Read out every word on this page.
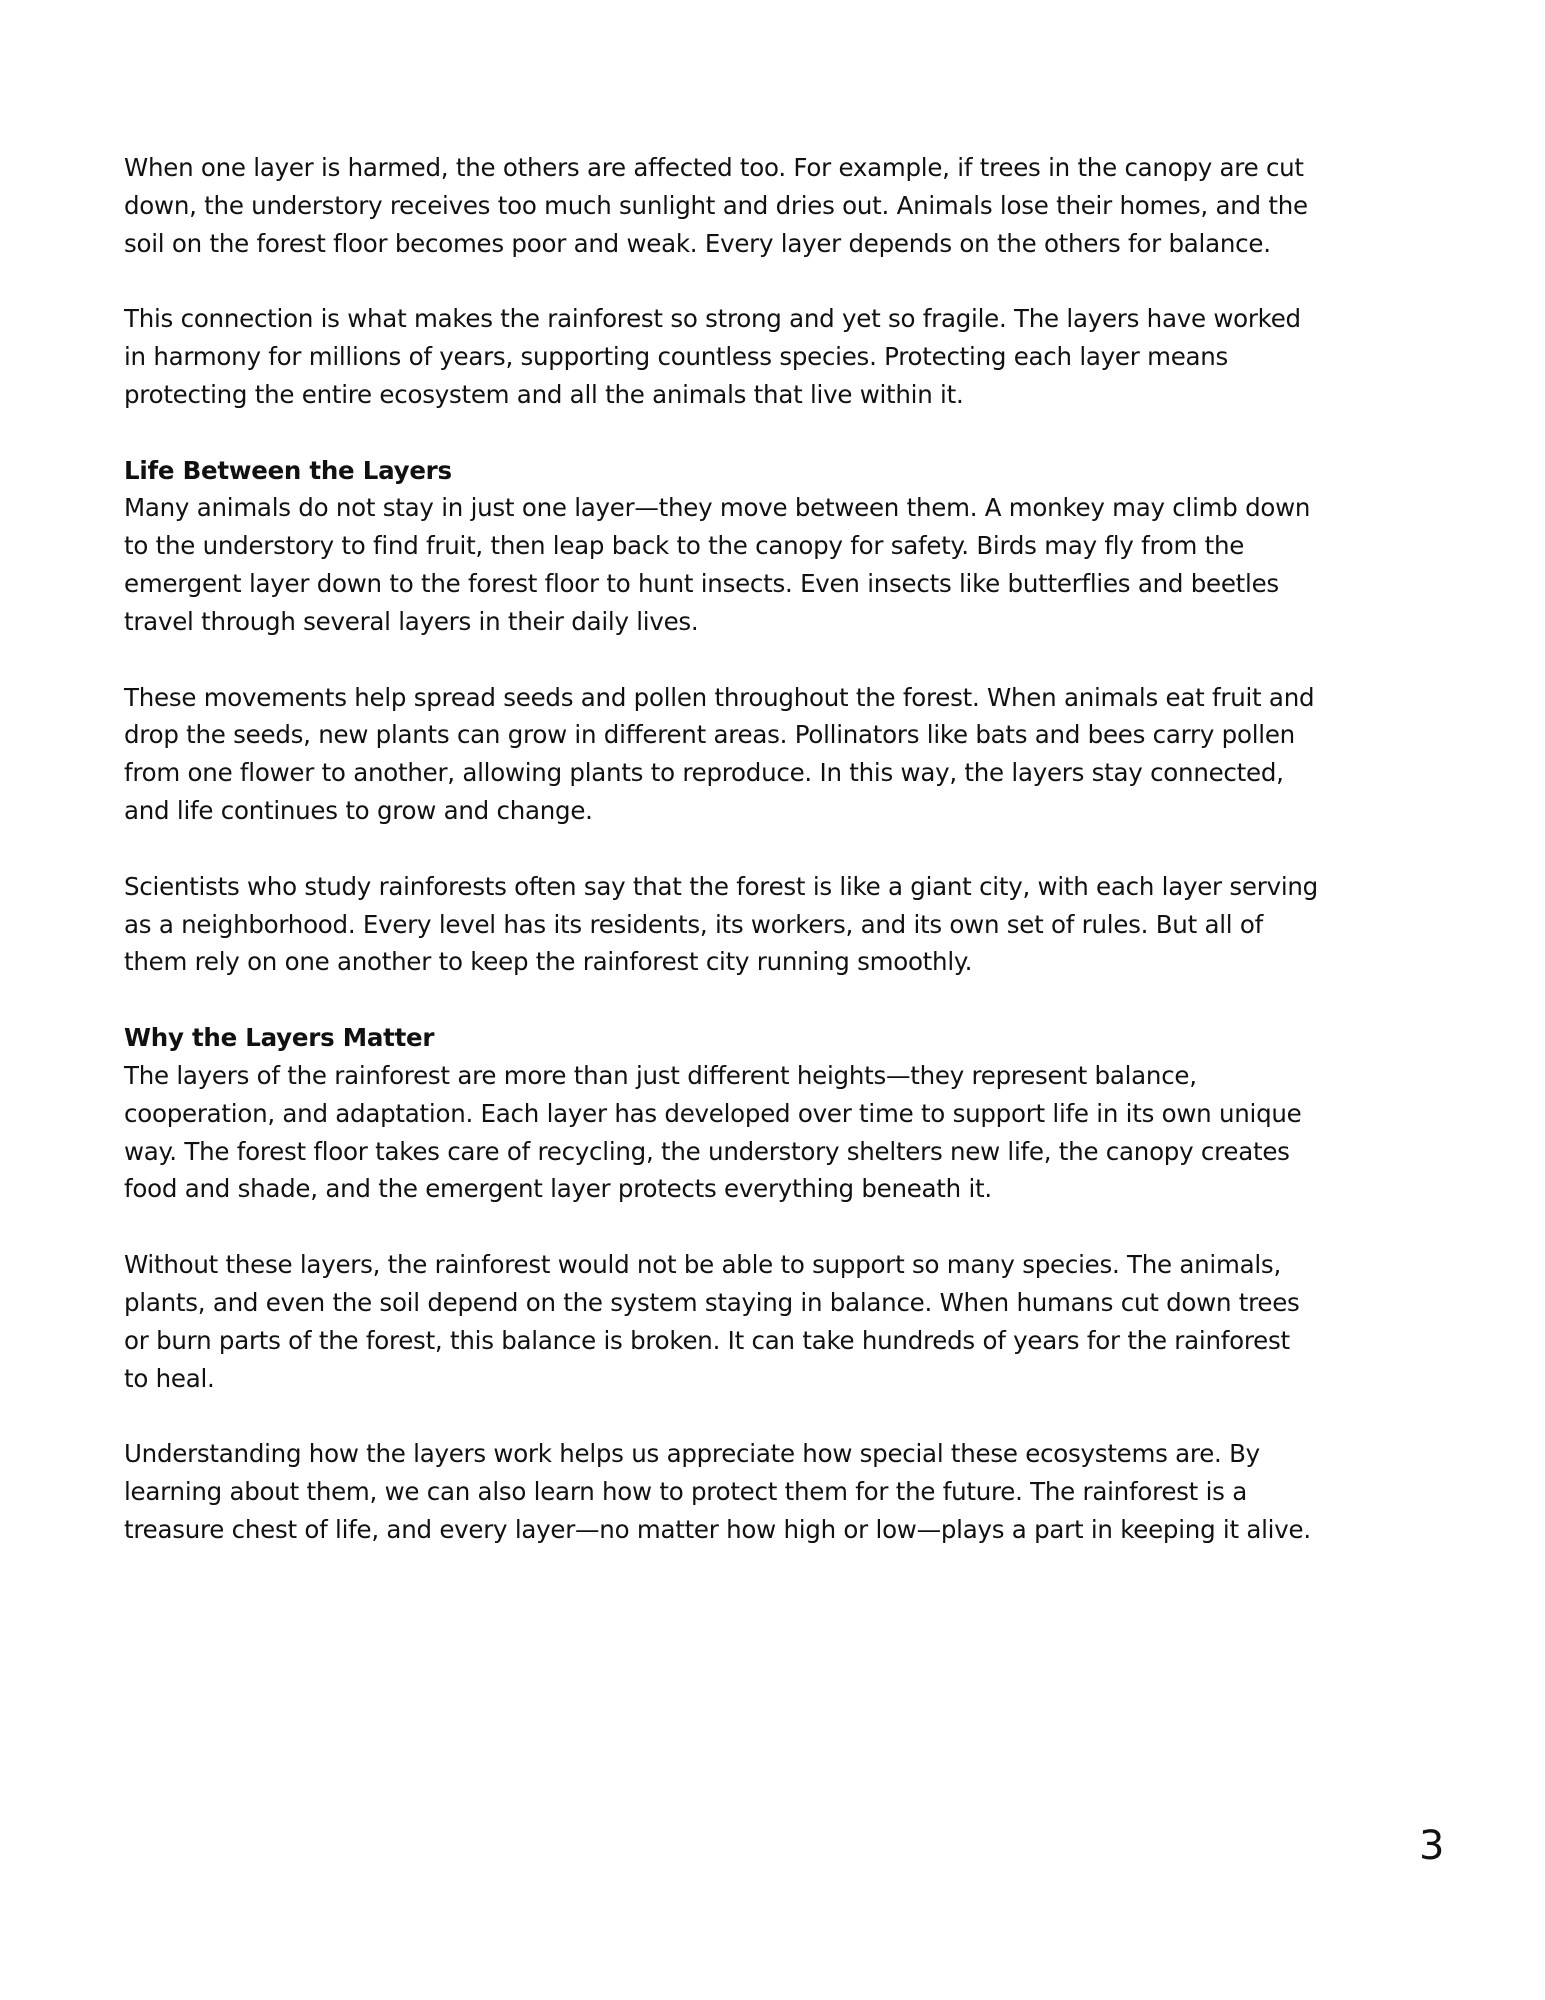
When one layer is harmed, the others are affected too. For example, if trees in the canopy are cut
down, the understory receives too much sunlight and dries out. Animals lose their homes, and the
soil on the forest floor becomes poor and weak. Every layer depends on the others for balance.
This connection is what makes the rainforest so strong and yet so fragile. The layers have worked
in harmony for millions of years, supporting countless species. Protecting each layer means
protecting the entire ecosystem and all the animals that live within it.
Life Between the Layers
Many animals do not stay in just one layer—they move between them. A monkey may climb down
to the understory to find fruit, then leap back to the canopy for safety. Birds may fly from the
emergent layer down to the forest floor to hunt insects. Even insects like butterflies and beetles
travel through several layers in their daily lives.
These movements help spread seeds and pollen throughout the forest. When animals eat fruit and
drop the seeds, new plants can grow in different areas. Pollinators like bats and bees carry pollen
from one flower to another, allowing plants to reproduce. In this way, the layers stay connected,
and life continues to grow and change.
Scientists who study rainforests often say that the forest is like a giant city, with each layer serving
as a neighborhood. Every level has its residents, its workers, and its own set of rules. But all of
them rely on one another to keep the rainforest city running smoothly.
Why the Layers Matter
The layers of the rainforest are more than just different heights—they represent balance,
cooperation, and adaptation. Each layer has developed over time to support life in its own unique
way. The forest floor takes care of recycling, the understory shelters new life, the canopy creates
food and shade, and the emergent layer protects everything beneath it.
Without these layers, the rainforest would not be able to support so many species. The animals,
plants, and even the soil depend on the system staying in balance. When humans cut down trees
or burn parts of the forest, this balance is broken. It can take hundreds of years for the rainforest
to heal.
Understanding how the layers work helps us appreciate how special these ecosystems are. By
learning about them, we can also learn how to protect them for the future. The rainforest is a
treasure chest of life, and every layer—no matter how high or low—plays a part in keeping it alive.
3
